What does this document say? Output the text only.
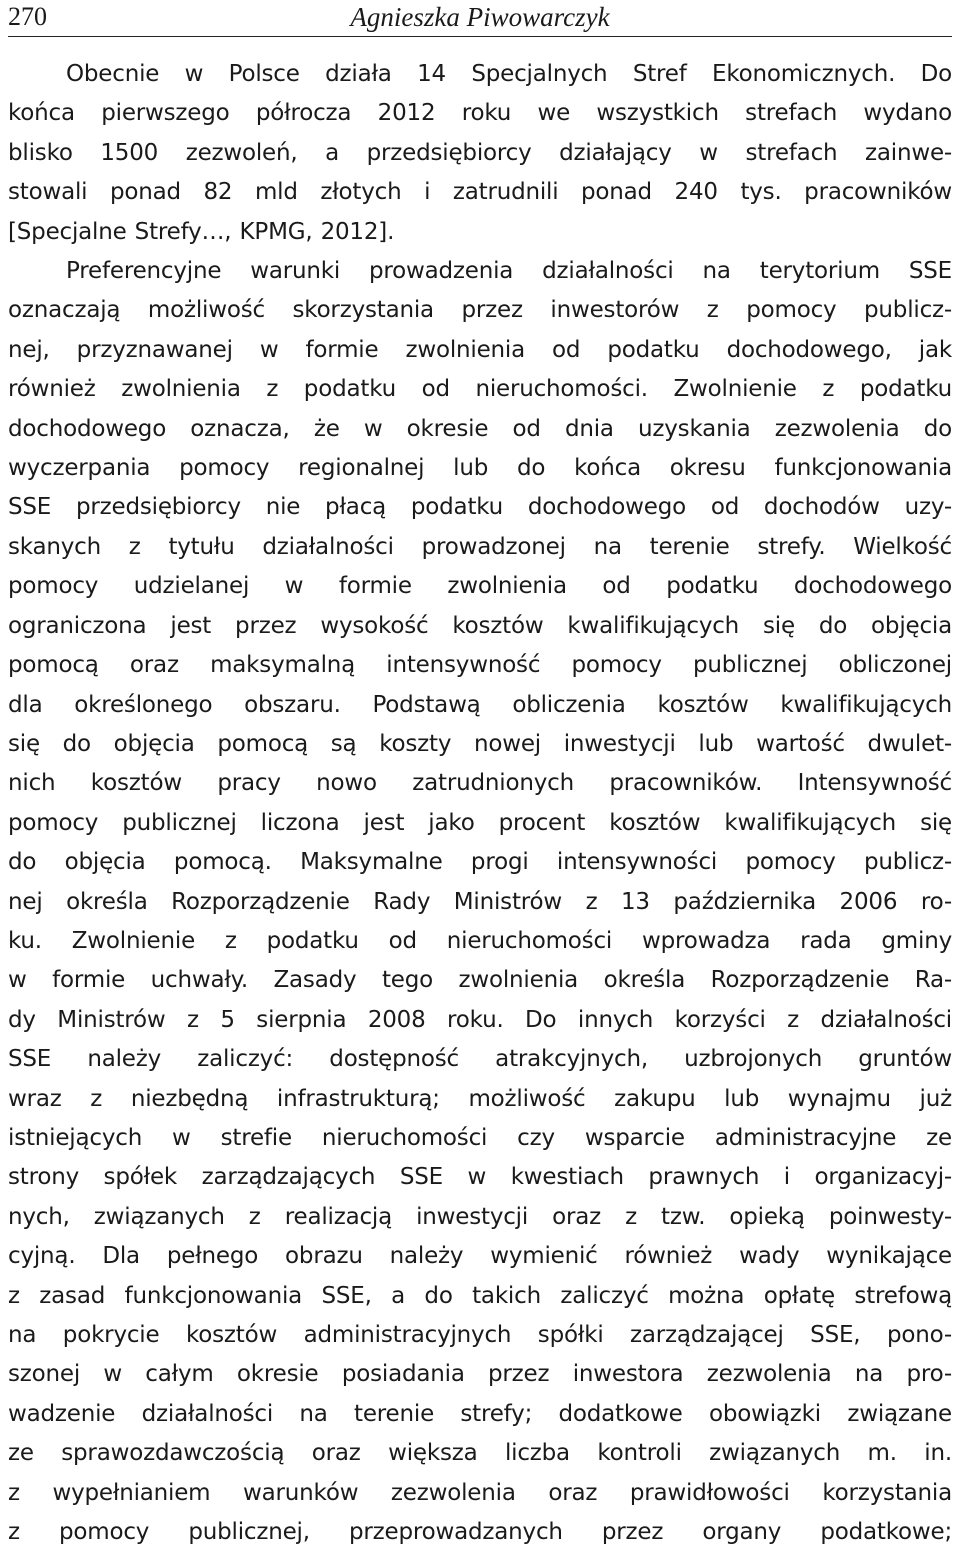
270	Agnieszka Piwowarczyk
Obecnie w Polsce działa 14 Specjalnych Stref Ekonomicznych. Do
końca pierwszego półrocza 2012 roku we wszystkich strefach wydano
blisko 1500 zezwoleń, a przedsiębiorcy działający w strefach zainwe-
stowali ponad 82 mld złotych i zatrudnili ponad 240 tys. pracowników
[Specjalne Strefy…, KPMG, 2012].
Preferencyjne warunki prowadzenia działalności na terytorium SSE
oznaczają możliwość skorzystania przez inwestorów z pomocy publicz-
nej, przyznawanej w formie zwolnienia od podatku dochodowego, jak
również zwolnienia z podatku od nieruchomości. Zwolnienie z podatku
dochodowego oznacza, że w okresie od dnia uzyskania zezwolenia do
wyczerpania pomocy regionalnej lub do końca okresu funkcjonowania
SSE przedsiębiorcy nie płacą podatku dochodowego od dochodów uzy-
skanych z tytułu działalności prowadzonej na terenie strefy. Wielkość
pomocy udzielanej w formie zwolnienia od podatku dochodowego
ograniczona jest przez wysokość kosztów kwalifikujących się do objęcia
pomocą oraz maksymalną intensywność pomocy publicznej obliczonej
dla określonego obszaru. Podstawą obliczenia kosztów kwalifikujących
się do objęcia pomocą są koszty nowej inwestycji lub wartość dwulet-
nich kosztów pracy nowo zatrudnionych pracowników. Intensywność
pomocy publicznej liczona jest jako procent kosztów kwalifikujących się
do objęcia pomocą. Maksymalne progi intensywności pomocy publicz-
nej określa Rozporządzenie Rady Ministrów z 13 października 2006 ro-
ku. Zwolnienie z podatku od nieruchomości wprowadza rada gminy
w formie uchwały. Zasady tego zwolnienia określa Rozporządzenie Ra-
dy Ministrów z 5 sierpnia 2008 roku. Do innych korzyści z działalności
SSE należy zaliczyć: dostępność atrakcyjnych, uzbrojonych gruntów
wraz z niezbędną infrastrukturą; możliwość zakupu lub wynajmu już
istniejących w strefie nieruchomości czy wsparcie administracyjne ze
strony spółek zarządzających SSE w kwestiach prawnych i organizacyj-
nych, związanych z realizacją inwestycji oraz z tzw. opieką poinwesty-
cyjną. Dla pełnego obrazu należy wymienić również wady wynikające
z zasad funkcjonowania SSE, a do takich zaliczyć można opłatę strefową
na pokrycie kosztów administracyjnych spółki zarządzającej SSE, pono-
szonej w całym okresie posiadania przez inwestora zezwolenia na pro-
wadzenie działalności na terenie strefy; dodatkowe obowiązki związane
ze sprawozdawczością oraz większa liczba kontroli związanych m. in.
z wypełnianiem warunków zezwolenia oraz prawidłowości korzystania
z pomocy publicznej, przeprowadzanych przez organy podatkowe;
